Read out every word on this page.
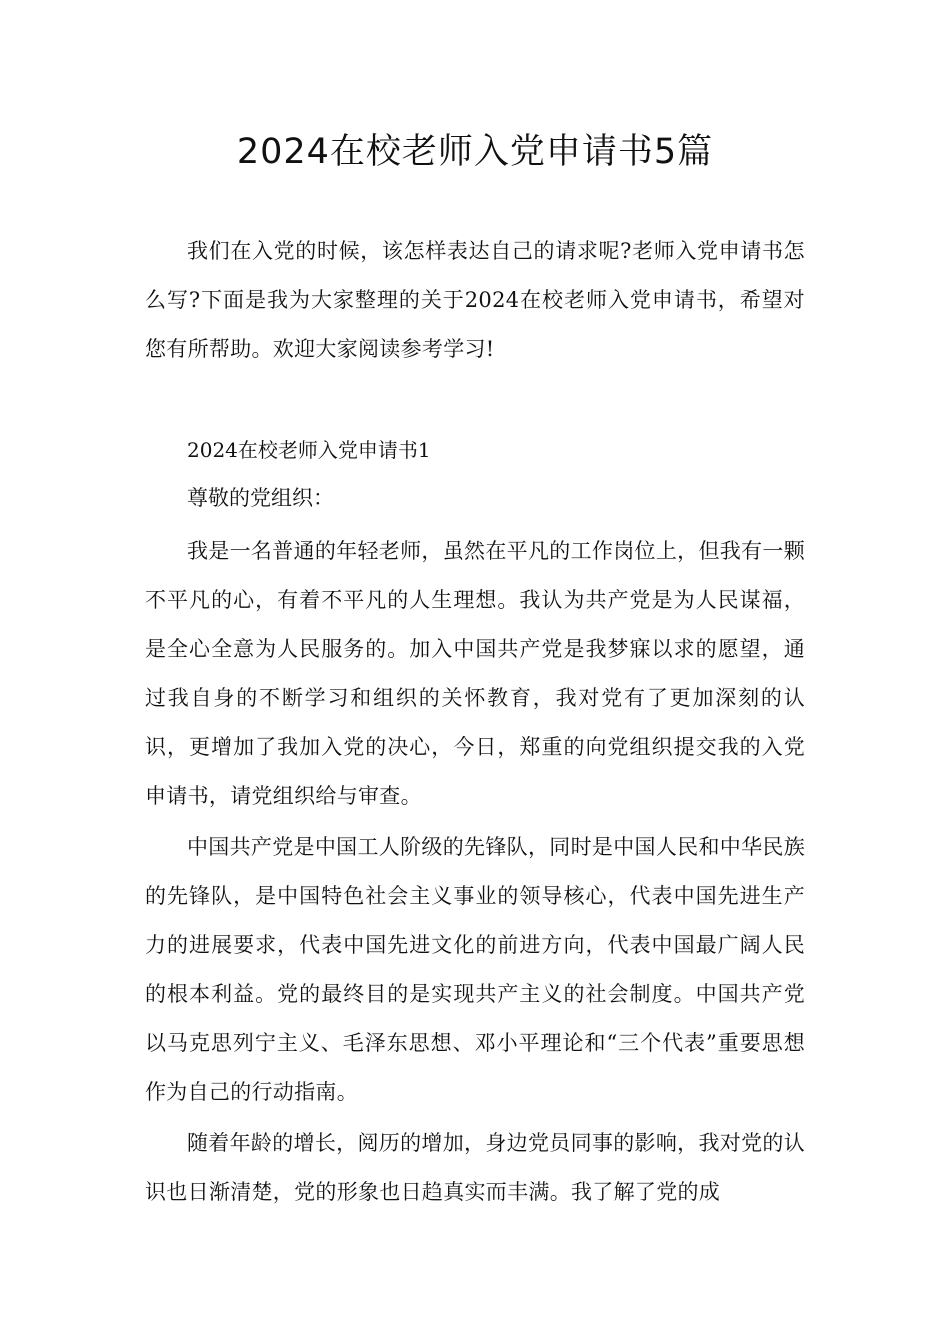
2024在校老师入党申请书5篇

我们在入党的时候，该怎样表达自己的请求呢?老师入党申请书怎么写?下面是我为大家整理的关于2024在校老师入党申请书，希望对您有所帮助。欢迎大家阅读参考学习!

2024在校老师入党申请书1

尊敬的党组织：

我是一名普通的年轻老师，虽然在平凡的工作岗位上，但我有一颗不平凡的心，有着不平凡的人生理想。我认为共产党是为人民谋福，是全心全意为人民服务的。加入中国共产党是我梦寐以求的愿望，通过我自身的不断学习和组织的关怀教育，我对党有了更加深刻的认识，更增加了我加入党的决心，今日，郑重的向党组织提交我的入党申请书，请党组织给与审查。

中国共产党是中国工人阶级的先锋队，同时是中国人民和中华民族的先锋队，是中国特色社会主义事业的领导核心，代表中国先进生产力的进展要求，代表中国先进文化的前进方向，代表中国最广阔人民的根本利益。党的最终目的是实现共产主义的社会制度。中国共产党以马克思列宁主义、毛泽东思想、邓小平理论和“三个代表”重要思想作为自己的行动指南。

随着年龄的增长，阅历的增加，身边党员同事的影响，我对党的认识也日渐清楚，党的形象也日趋真实而丰满。我了解了党的成
